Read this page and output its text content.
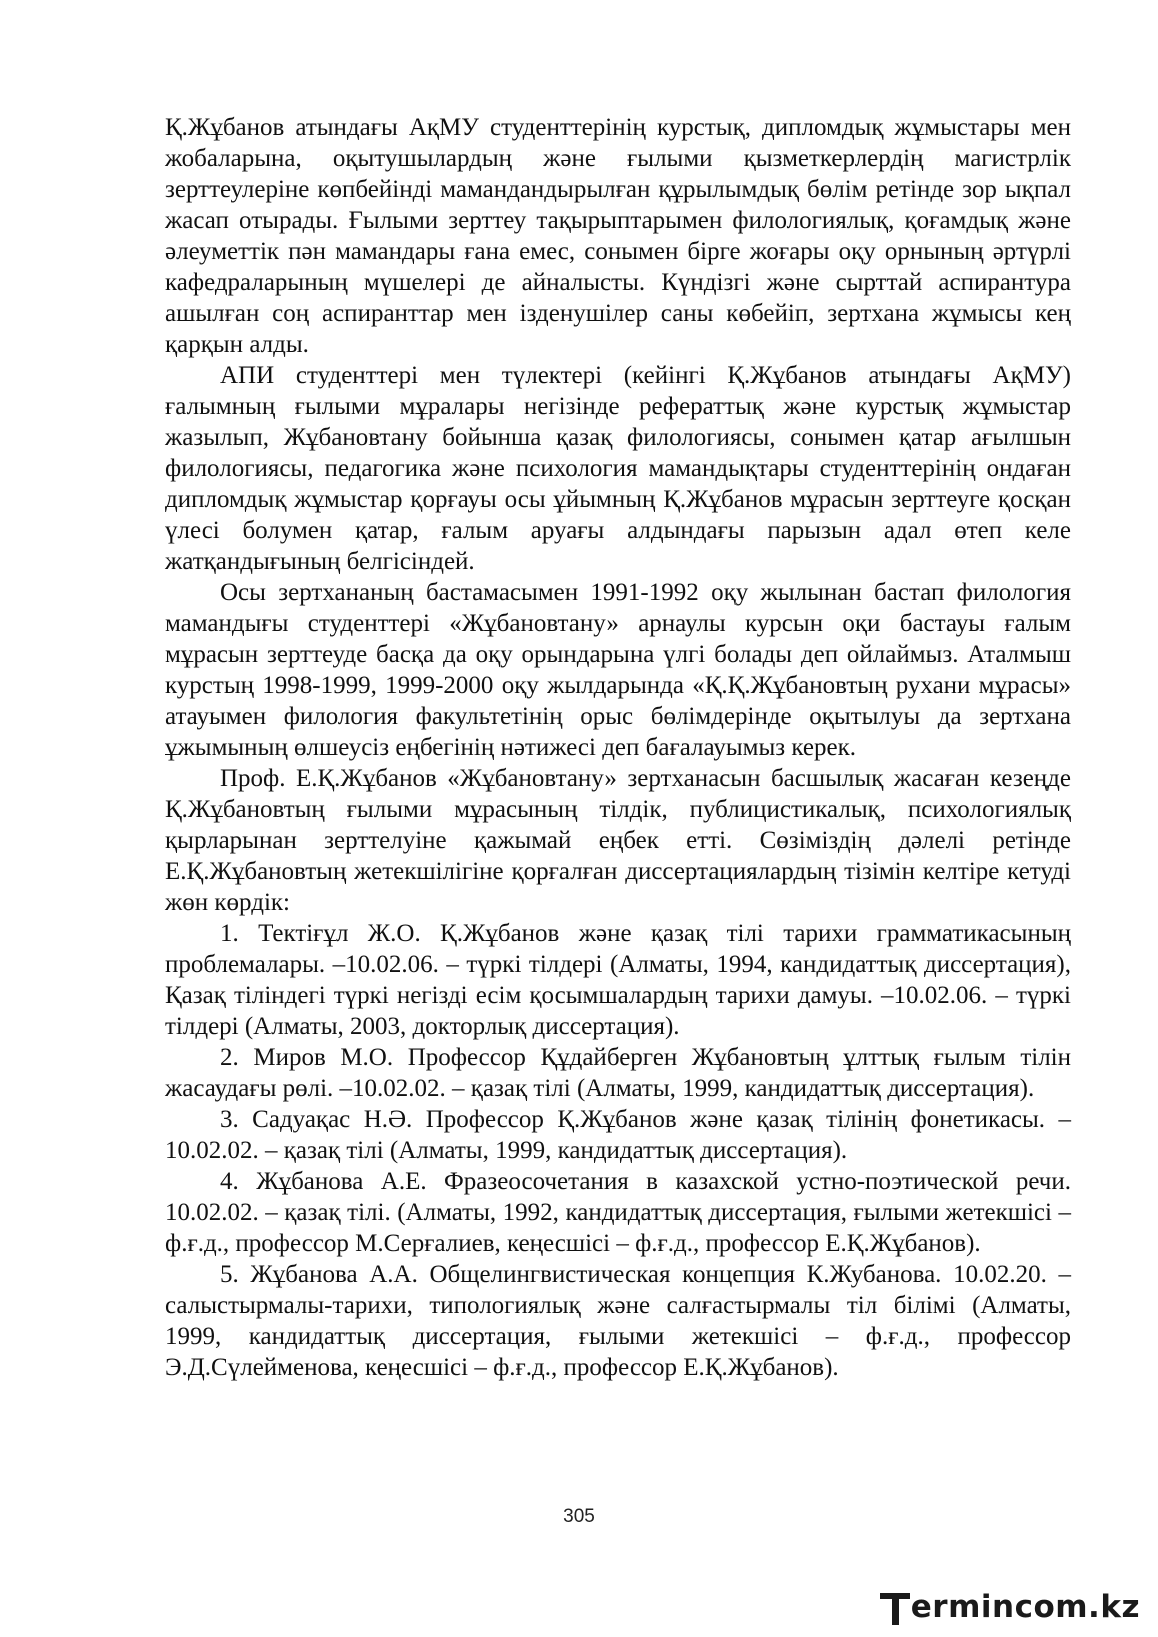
Қ.Жұбанов атындағы АқМУ студенттерінің курстық, дипломдық жұмыстары мен жобаларына, оқытушылардың және ғылыми қызметкерлердің магистрлік зерттеулеріне көпбейінді мамандандырылған құрылымдық бөлім ретінде зор ықпал жасап отырады. Ғылыми зерттеу тақырыптарымен филологиялық, қоғамдық және әлеуметтік пән мамандары ғана емес, сонымен бірге жоғары оқу орнының әртүрлі кафедраларының мүшелері де айналысты. Күндізгі және сырттай аспирантура ашылған соң аспиранттар мен ізденушілер саны көбейіп, зертхана жұмысы кең қарқын алды.

АПИ студенттері мен түлектері (кейінгі Қ.Жұбанов атындағы АқМУ) ғалымның ғылыми мұралары негізінде рефераттық және курстық жұмыстар жазылып, Жұбановтану бойынша қазақ филологиясы, сонымен қатар ағылшын филологиясы, педагогика және психология мамандықтары студенттерінің ондаған дипломдық жұмыстар қорғауы осы ұйымның Қ.Жұбанов мұрасын зерттеуге қосқан үлесі болумен қатар, ғалым аруағы алдындағы парызын адал өтеп келе жатқандығының белгісіндей.

Осы зертхананың бастамасымен 1991-1992 оқу жылынан бастап филология мамандығы студенттері «Жұбановтану» арнаулы курсын оқи бастауы ғалым мұрасын зерттеуде басқа да оқу орындарына үлгі болады деп ойлаймыз. Аталмыш курстың 1998-1999, 1999-2000 оқу жылдарында «Қ.Қ.Жұбановтың рухани мұрасы» атауымен филология факультетінің орыс бөлімдерінде оқытылуы да зертхана ұжымының өлшеусіз еңбегінің нәтижесі деп бағалауымыз керек.

Проф. Е.Қ.Жұбанов «Жұбановтану» зертханасын басшылық жасаған кезеңде Қ.Жұбановтың ғылыми мұрасының тілдік, публицистикалық, психологиялық қырларынан зерттелуіне қажымай еңбек етті. Сөзіміздің дәлелі ретінде Е.Қ.Жұбановтың жетекшілігіне қорғалған диссертациялардың тізімін келтіре кетуді жөн көрдік:

1. Тектіғұл Ж.О. Қ.Жұбанов және қазақ тілі тарихи грамматикасының проблемалары. –10.02.06. – түркі тілдері (Алматы, 1994, кандидаттық диссертация), Қазақ тіліндегі түркі негізді есім қосымшалардың тарихи дамуы. –10.02.06. – түркі тілдері (Алматы, 2003, докторлық диссертация).

2. Миров М.О. Профессор Құдайберген Жұбановтың ұлттық ғылым тілін жасаудағы рөлі. –10.02.02. – қазақ тілі (Алматы, 1999, кандидаттық диссертация).

3. Садуақас Н.Ә. Профессор Қ.Жұбанов және қазақ тілінің фонетикасы. –10.02.02. – қазақ тілі (Алматы, 1999, кандидаттық диссертация).

4. Жұбанова А.Е. Фразеосочетания в казахской устно-поэтической речи. 10.02.02. – қазақ тілі. (Алматы, 1992, кандидаттық диссертация, ғылыми жетекшісі – ф.ғ.д., профессор М.Серғалиев, кеңесшісі – ф.ғ.д., профессор Е.Қ.Жұбанов).

5. Жұбанова А.А. Общелингвистическая концепция К.Жубанова. 10.02.20. – салыстырмалы-тарихи, типологиялық және салғастырмалы тіл білімі (Алматы, 1999, кандидаттық диссертация, ғылыми жетекшісі – ф.ғ.д., профессор Э.Д.Сүлейменова, кеңесшісі – ф.ғ.д., профессор Е.Қ.Жұбанов).

305
ermincom.kz
